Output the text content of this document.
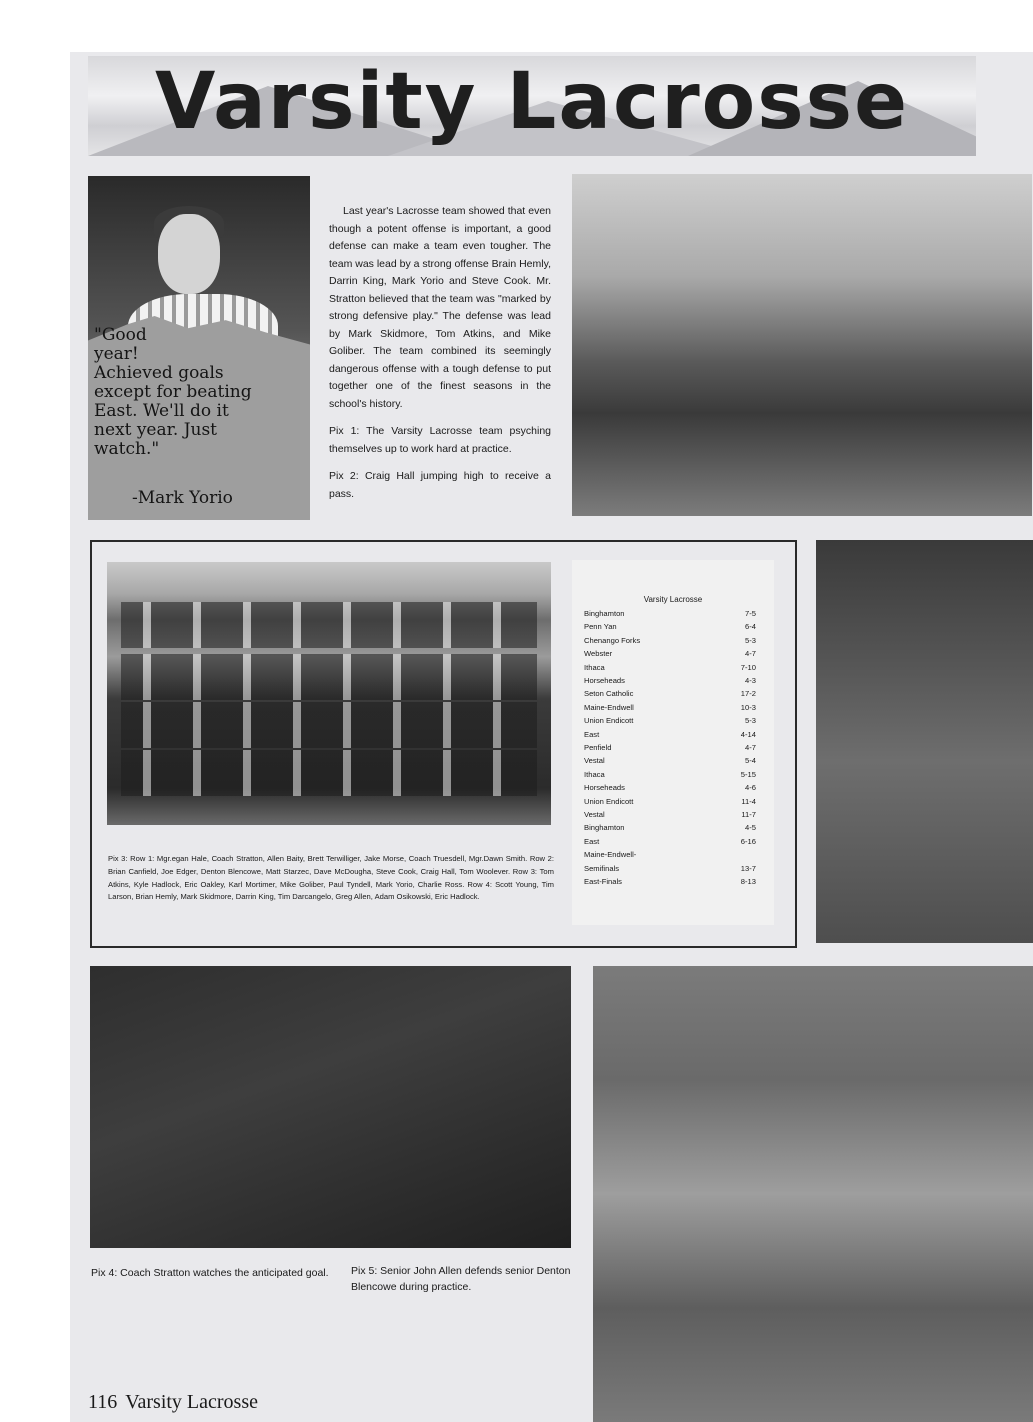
Varsity Lacrosse
"Good
year!
Achieved goals
except for beating
East. We'll do it
next year. Just
watch."
-Mark Yorio

Last year's Lacrosse team showed that even though a potent offense is important, a good defense can make a team even tougher. The team was lead by a strong offense Brain Hemly, Darrin King, Mark Yorio and Steve Cook. Mr. Stratton believed that the team was "marked by strong defensive play." The defense was lead by Mark Skidmore, Tom Atkins, and Mike Goliber. The team combined its seemingly dangerous offense with a tough defense to put together one of the finest seasons in the school's history.

Pix 1: The Varsity Lacrosse team psyching themselves up to work hard at practice.

Pix 2: Craig Hall jumping high to receive a pass.

Pix 3: Row 1: Mgr.egan Hale, Coach Stratton, Allen Baity, Brett Terwilliger, Jake Morse, Coach Truesdell, Mgr.Dawn Smith. Row 2: Brian Canfield, Joe Edger, Denton Blencowe, Matt Starzec, Dave McDougha, Steve Cook, Craig Hall, Tom Woolever. Row 3: Tom Atkins, Kyle Hadlock, Eric Oakley, Karl Mortimer, Mike Goliber, Paul Tyndell, Mark Yorio, Charlie Ross. Row 4: Scott Young, Tim Larson, Brian Hemly, Mark Skidmore, Darrin King, Tim Darcangelo, Greg Allen, Adam Osikowski, Eric Hadlock.
Varsity Lacrosse
Binghamton	7-5
Penn Yan	6-4
Chenango Forks	5-3
Webster	4-7
Ithaca	7-10
Horseheads	4-3
Seton Catholic	17-2
Maine-Endwell	10-3
Union Endicott	5-3
East	4-14
Penfield	4-7
Vestal	5-4
Ithaca	5-15
Horseheads	4-6
Union Endicott	11-4
Vestal	11-7
Binghamton	4-5
East	6-16
Maine-Endwell-
Semifinals	13-7
East-Finals	8-13
Pix 4: Coach Stratton watches the anticipated goal.	Pix 5: Senior John Allen defends senior Denton Blencowe during practice.
116 Varsity Lacrosse
